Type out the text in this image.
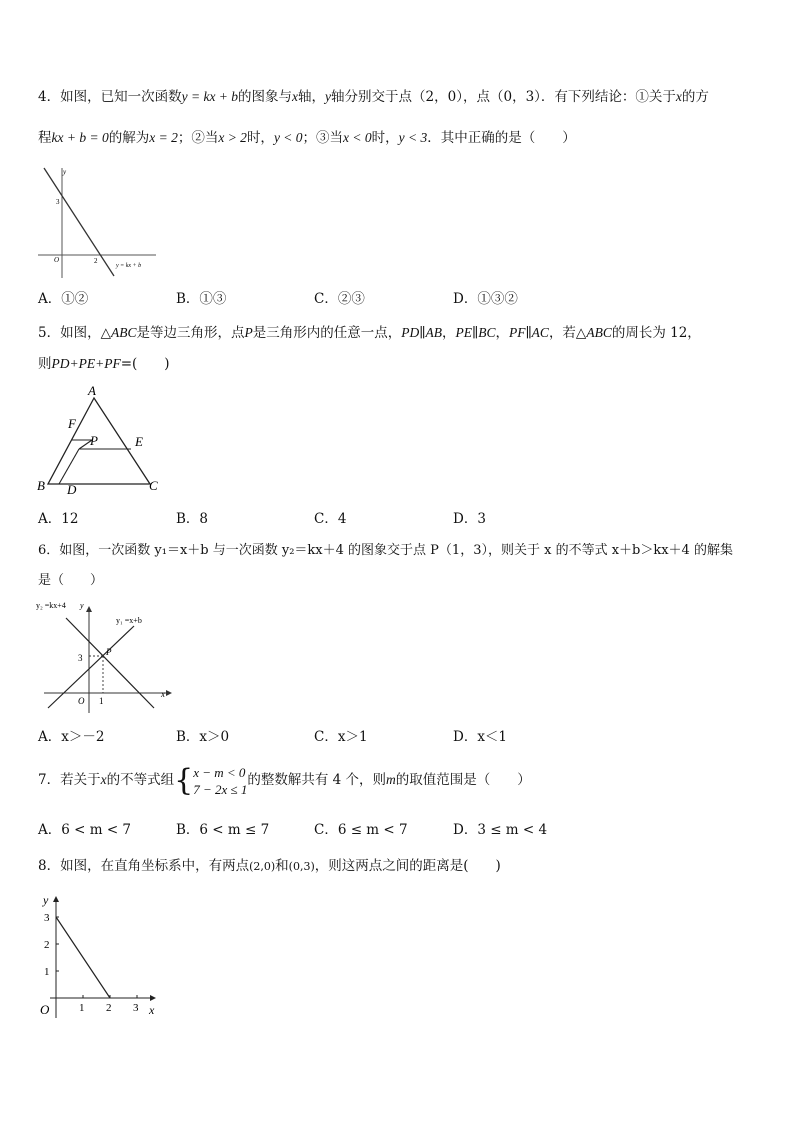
4．如图，已知一次函数y = kx + b的图象与x轴，y轴分别交于点（2，0），点（0，3）．有下列结论：①关于x的方
程kx + b = 0的解为x = 2；②当x > 2时，y < 0；③当x < 0时，y < 3．其中正确的是（　　）
y
3
O	2
y = kx + b
A．①②	B．①③	C．②③	D．①③②
5．如图，△ABC是等边三角形，点P是三角形内的任意一点，PD∥AB，PE∥BC，PF∥AC，若△ABC的周长为 12，
则PD+PE+PF=(　　)
A
B	C
D
E
F
P
A．12	B．8	C．4	D．3
6．如图，一次函数 y₁＝x＋b 与一次函数 y₂＝kx＋4 的图象交于点 P（1，3），则关于 x 的不等式 x＋b＞kx＋4 的解集
是（　　）
y₂ =kx+4 y
y₁ =x+b
P
3
O 1
x
A．x＞－2	B．x＞0	C．x＞1	D．x＜1
7．若关于x的不等式组{x − m < 0
7 − 2x ≤ 1的整数解共有 4 个，则m的取值范围是（　　）
A．6 < m < 7	B．6 < m ≤ 7	C．6 ≤ m < 7	D．3 ≤ m < 4
8．如图，在直角坐标系中，有两点(2,0)和(0,3)，则这两点之间的距离是(　　)
y
3
2
1
O	1 2 3 x
